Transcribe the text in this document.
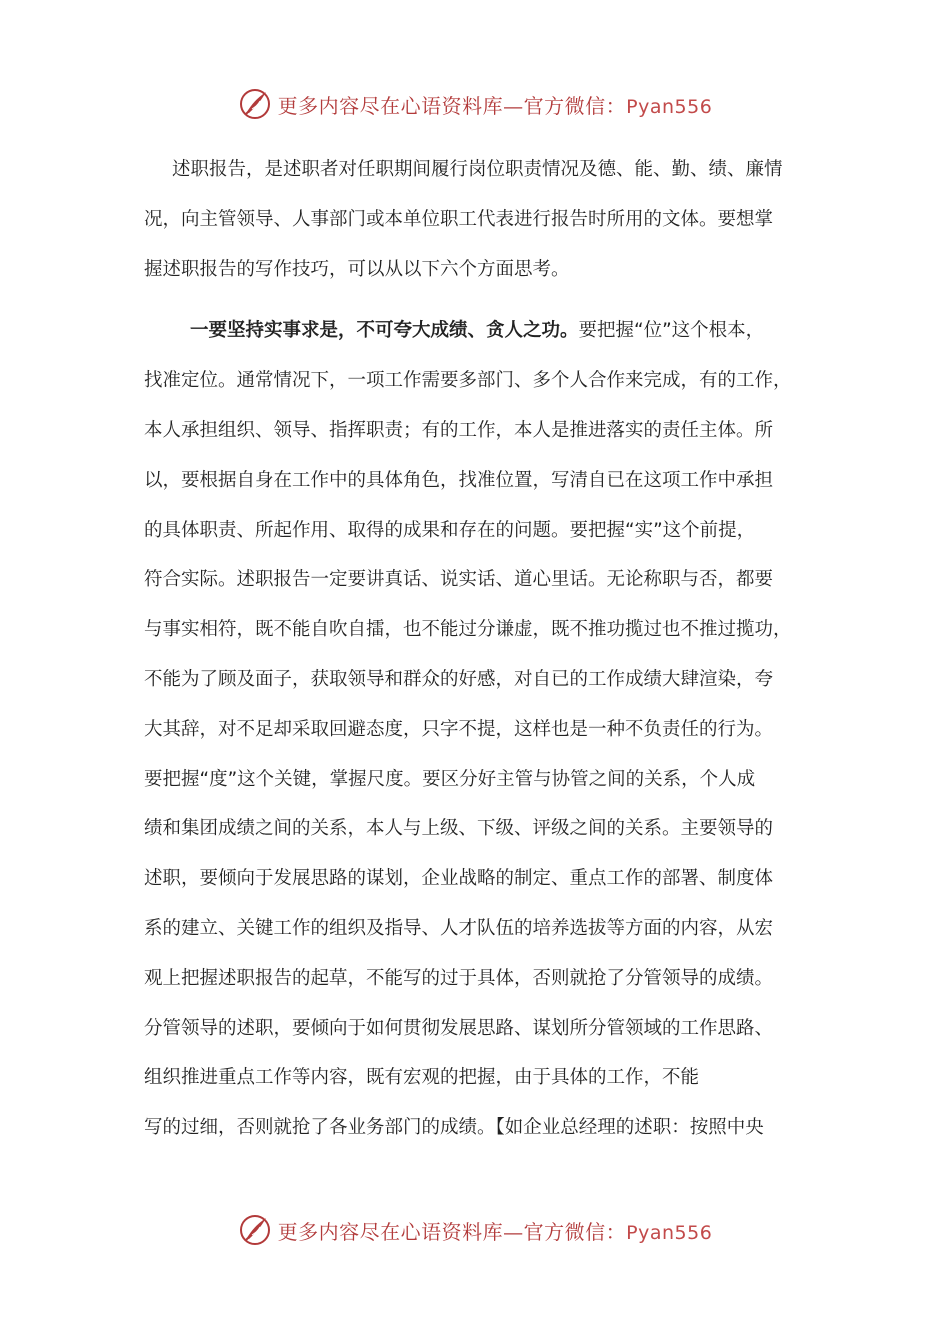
更多内容尽在心语资料库—官方微信：Pyan556
述职报告，是述职者对任职期间履行岗位职责情况及德、能、勤、绩、廉情
况，向主管领导、人事部门或本单位职工代表进行报告时所用的文体。要想掌
握述职报告的写作技巧，可以从以下六个方面思考。
一要坚持实事求是，不可夸大成绩、贪人之功。要把握“位”这个根本，
找准定位。通常情况下，一项工作需要多部门、多个人合作来完成，有的工作，
本人承担组织、领导、指挥职责；有的工作，本人是推进落实的责任主体。所
以，要根据自身在工作中的具体角色，找准位置，写清自已在这项工作中承担
的具体职责、所起作用、取得的成果和存在的问题。要把握“实”这个前提，
符合实际。述职报告一定要讲真话、说实话、道心里话。无论称职与否，都要
与事实相符，既不能自吹自擂，也不能过分谦虚，既不推功揽过也不推过揽功，
不能为了顾及面子，获取领导和群众的好感，对自已的工作成绩大肆渲染，夸
大其辞，对不足却采取回避态度，只字不提，这样也是一种不负责任的行为。
要把握“度”这个关键，掌握尺度。要区分好主管与协管之间的关系，个人成
绩和集团成绩之间的关系，本人与上级、下级、评级之间的关系。主要领导的
述职，要倾向于发展思路的谋划，企业战略的制定、重点工作的部署、制度体
系的建立、关键工作的组织及指导、人才队伍的培养选拔等方面的内容，从宏
观上把握述职报告的起草，不能写的过于具体，否则就抢了分管领导的成绩。
分管领导的述职，要倾向于如何贯彻发展思路、谋划所分管领域的工作思路、
组织推进重点工作等内容，既有宏观的把握，由于具体的工作，不能
写的过细，否则就抢了各业务部门的成绩。【如企业总经理的述职：按照中央
更多内容尽在心语资料库—官方微信：Pyan556
